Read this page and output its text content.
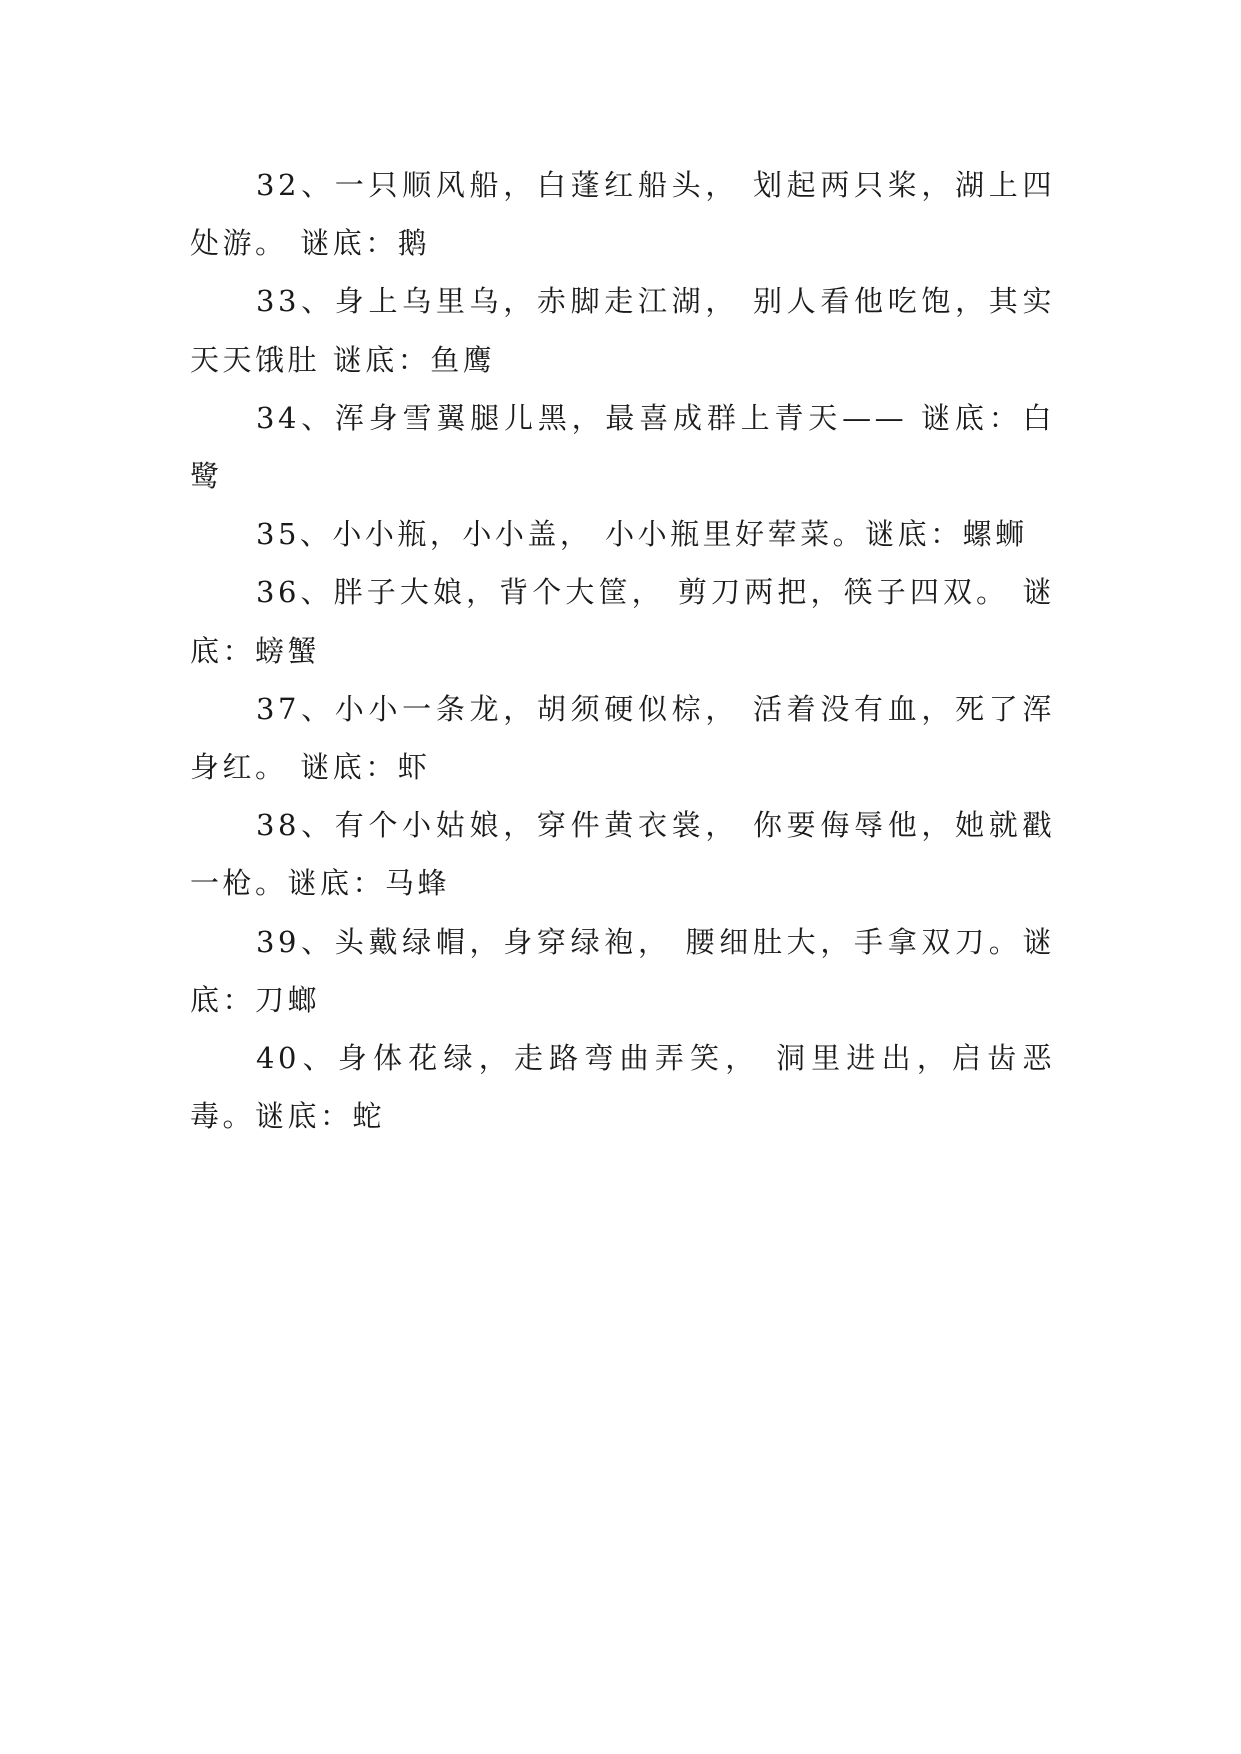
32、一只顺风船，白蓬红船头， 划起两只桨，湖上四处游。 谜底：鹅

33、身上乌里乌，赤脚走江湖， 别人看他吃饱，其实天天饿肚 谜底：鱼鹰

34、浑身雪翼腿儿黑，最喜成群上青天—— 谜底：白鹭

35、小小瓶，小小盖， 小小瓶里好荤菜。谜底：螺蛳

36、胖子大娘，背个大筐， 剪刀两把，筷子四双。 谜底：螃蟹

37、小小一条龙，胡须硬似棕， 活着没有血，死了浑身红。 谜底：虾

38、有个小姑娘，穿件黄衣裳， 你要侮辱他，她就戳一枪。谜底：马蜂

39、头戴绿帽，身穿绿袍， 腰细肚大，手拿双刀。谜底：刀螂

40、身体花绿，走路弯曲弄笑， 洞里进出，启齿恶毒。谜底：蛇
